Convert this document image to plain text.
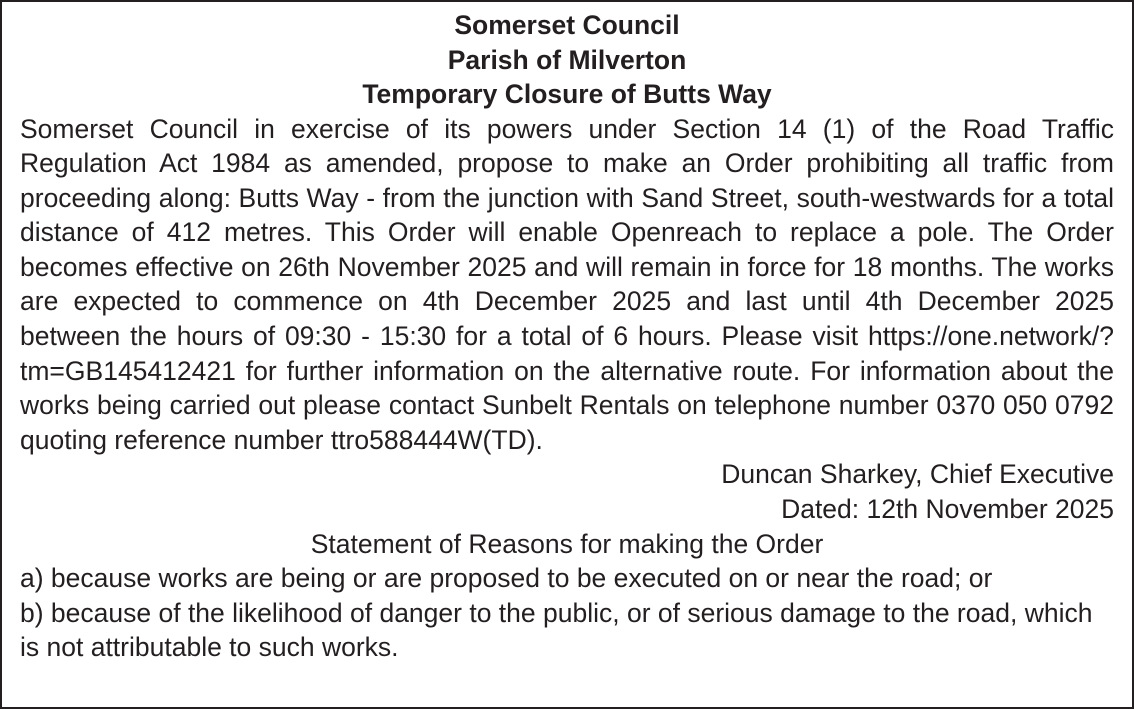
Somerset Council

Parish of Milverton

Temporary Closure of Butts Way

Somerset Council in exercise of its powers under Section 14 (1) of the Road Traffic Regulation Act 1984 as amended, propose to make an Order prohibiting all traffic from proceeding along: Butts Way - from the junction with Sand Street, south-westwards for a total distance of 412 metres. This Order will enable Openreach to replace a pole. The Order becomes effective on 26th November 2025 and will remain in force for 18 months. The works are expected to commence on 4th December 2025 and last until 4th December 2025 between the hours of 09:30 - 15:30 for a total of 6 hours. Please visit https://one.network/?tm=GB145412421 for further information on the alternative route. For information about the works being carried out please contact Sunbelt Rentals on telephone number 0370 050 0792 quoting reference number ttro588444W(TD).

Duncan Sharkey, Chief Executive

Dated: 12th November 2025

Statement of Reasons for making the Order

a) because works are being or are proposed to be executed on or near the road; or

b) because of the likelihood of danger to the public, or of serious damage to the road, which is not attributable to such works.
